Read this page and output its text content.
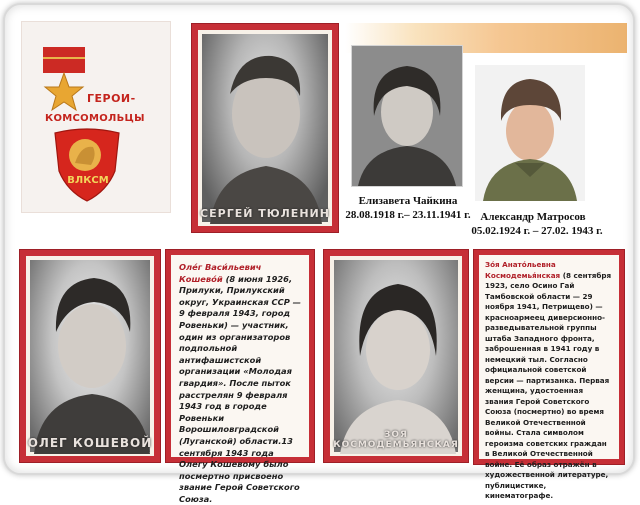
ГЕРОИ-
КОМСОМОЛЬЦЫ
ВЛКСМ
СЕРГЕЙ ТЮЛЕНИН
Елизавета Чайкина
28.08.1918 г.– 23.11.1941 г. Александр Матросов
05.02.1924 г. – 27.02. 1943 г.
ОЛЕГ КОШЕВОЙ
Оле́г Васи́льевич Кошево́й (8 июня 1926, Прилуки, Прилукский округ, Украинская ССР — 9 февраля 1943, город Ровеньки) — участник, один из организаторов подпольной антифашистской организации «Молодая гвардия». После пыток расстрелян 9 февраля 1943 год в городе Ровеньки Ворошиловградской (Луганской) области.13 сентября 1943 года Олегу Кошевому было посмертно присвоено звание Герой Советского Союза.
ЗОЯ КОСМОДЕМЬЯНСКАЯ
Зо́я Анато́льевна Космодемья́нская (8 сентября 1923, село Осино Гай Тамбовской области — 29 ноября 1941, Петрищево) — красноармеец диверсионно-разведывательной группы штаба Западного фронта, заброшенная в 1941 году в немецкий тыл. Согласно официальной советской версии — партизанка. Первая женщина, удостоенная звания Герой Советского Союза (посмертно) во время Великой Отечественной войны. Стала символом героизма советских граждан в Великой Отечественной войне. Её образ отражён в художественной литературе, публицистике, кинематографе.
